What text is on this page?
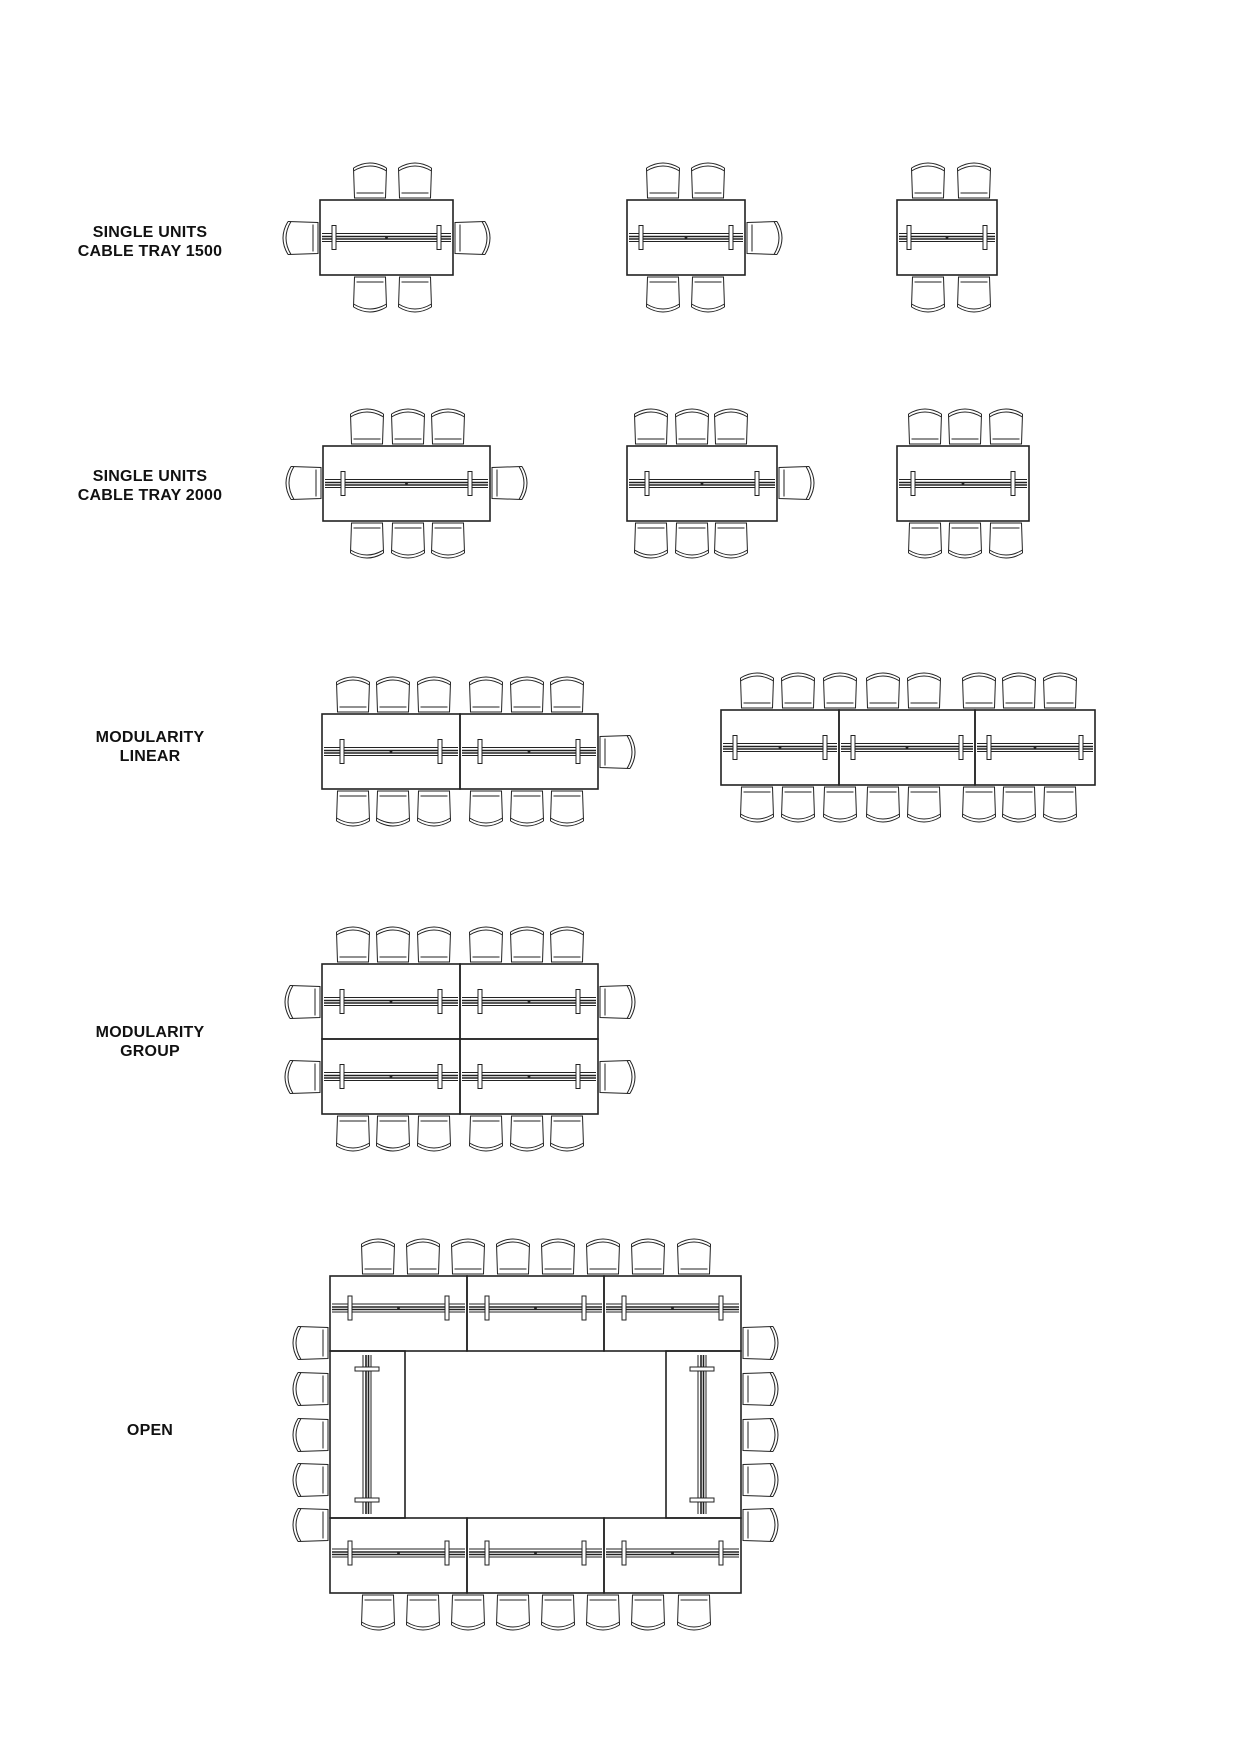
SINGLE UNITS
CABLE TRAY 1500
SINGLE UNITS
CABLE TRAY 2000
MODULARITY
LINEAR
MODULARITY
GROUP
OPEN
